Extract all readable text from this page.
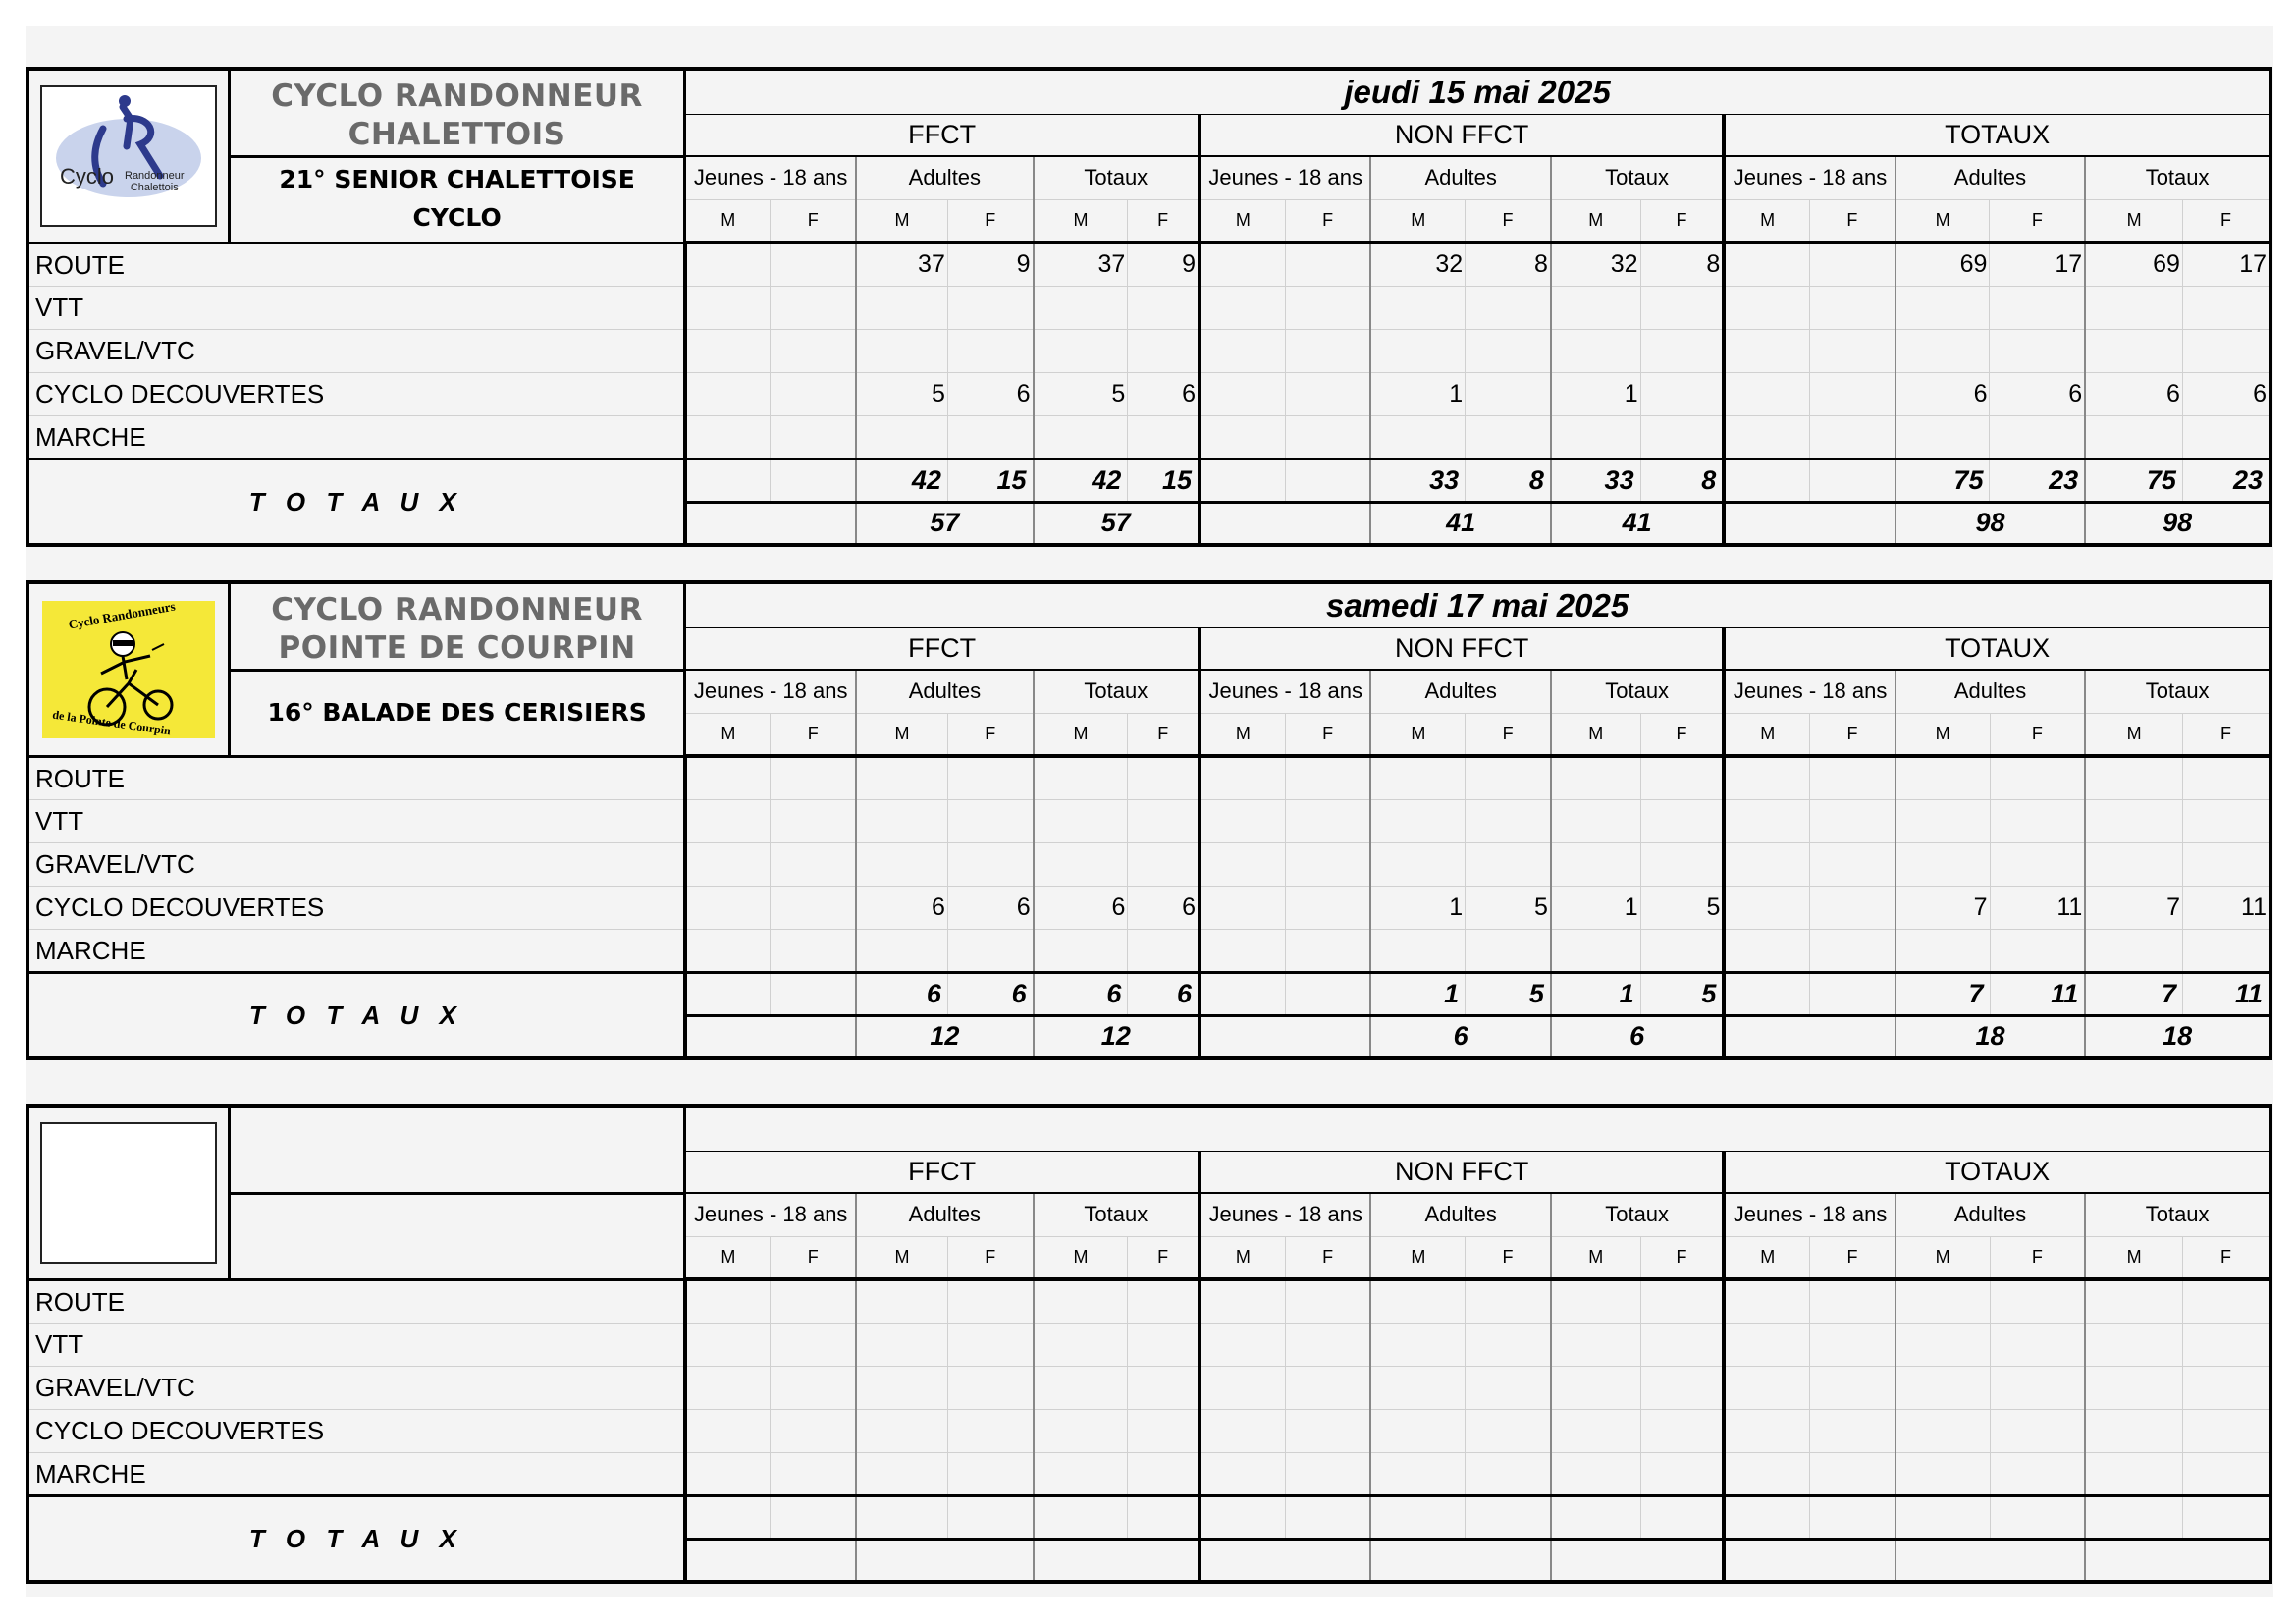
Cyclo Randonneur
Chalettois	CYCLO RANDONNEUR	jeudi 15 mai 2025																	
	CHALETTOIS	FFCT						NON FFCT						TOTAUX					

	21° SENIOR CHALETTOISE
CYCLO	Jeunes - 18 ans		Adultes		Totaux		Jeunes - 18 ans		Adultes		Totaux		Jeunes - 18 ans		Adultes		Totaux	
		M	F	M	F	M	F	M	F	M	F	M	F	M	F	M	F	M	F
ROUTE				37	9	37	9			32	8	32	8			69	17	69	17
VTT																			
GRAVEL/VTC																			
CYCLO DECOUVERTES				5	6	5	6			1		1				6	6	6	6
MARCHE																			
T O T A U X				42	15	42	15			33	8	33	8			75	23	75	23
				57		57				41		41				98		98	
Cyclo Randonneurs
de la Pointe de Courpin	CYCLO RANDONNEUR	samedi 17 mai 2025																	
	POINTE DE COURPIN	FFCT						NON FFCT						TOTAUX					

	16° BALADE DES CERISIERS	Jeunes - 18 ans		Adultes		Totaux		Jeunes - 18 ans		Adultes		Totaux		Jeunes - 18 ans		Adultes		Totaux	
		M	F	M	F	M	F	M	F	M	F	M	F	M	F	M	F	M	F
ROUTE																			
VTT																			
GRAVEL/VTC																			
CYCLO DECOUVERTES				6	6	6	6			1	5	1	5			7	11	7	11
MARCHE																			
T O T A U X				6	6	6	6			1	5	1	5			7	11	7	11
				12		12				6		6				18		18	

		FFCT						NON FFCT						TOTAUX					

		Jeunes - 18 ans		Adultes		Totaux		Jeunes - 18 ans		Adultes		Totaux		Jeunes - 18 ans		Adultes		Totaux	
		M	F	M	F	M	F	M	F	M	F	M	F	M	F	M	F	M	F
ROUTE																			
VTT																			
GRAVEL/VTC																			
CYCLO DECOUVERTES																			
MARCHE																			
T O T A U X																			
